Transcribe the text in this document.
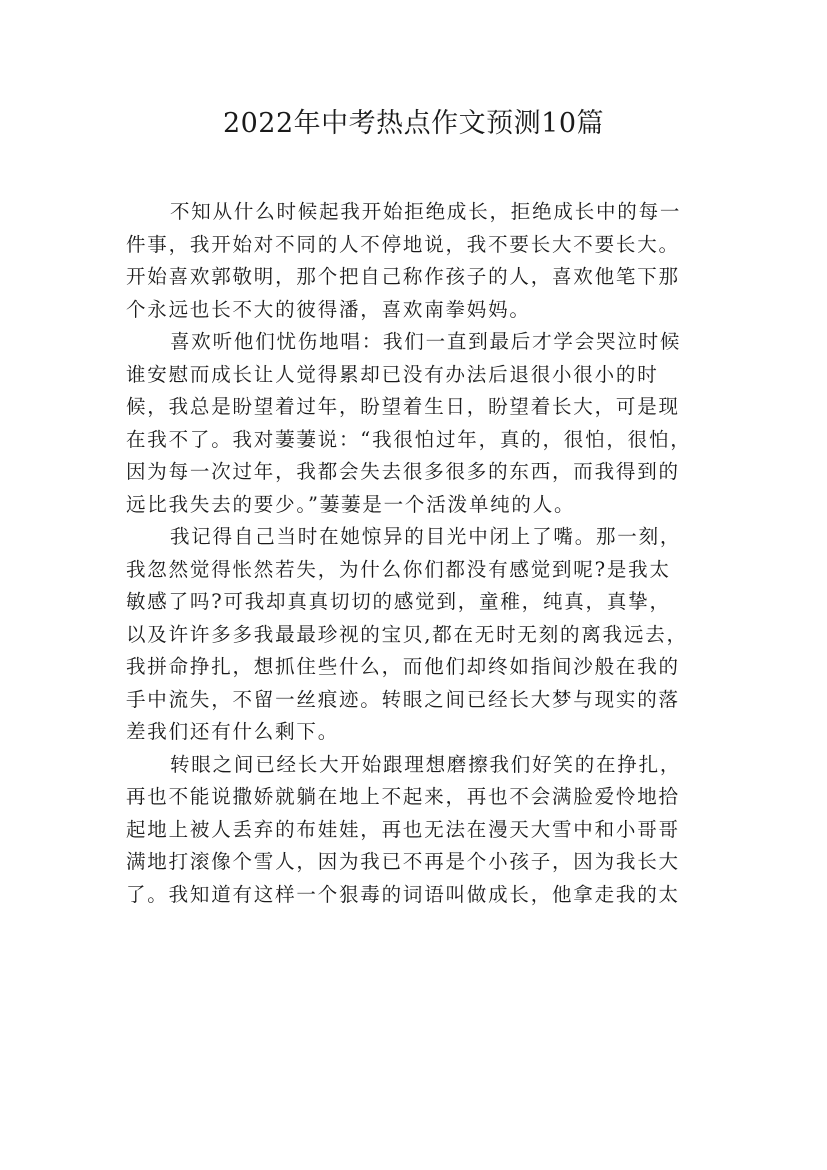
2022年中考热点作文预测10篇
不知从什么时候起我开始拒绝成长，拒绝成长中的每一
件事，我开始对不同的人不停地说，我不要长大不要长大。
开始喜欢郭敬明，那个把自己称作孩子的人，喜欢他笔下那
个永远也长不大的彼得潘，喜欢南拳妈妈。
喜欢听他们忧伤地唱：我们一直到最后才学会哭泣时候
谁安慰而成长让人觉得累却已没有办法后退很小很小的时
候，我总是盼望着过年，盼望着生日，盼望着长大，可是现
在我不了。我对萋萋说：“我很怕过年，真的，很怕，很怕，
因为每一次过年，我都会失去很多很多的东西，而我得到的
远比我失去的要少。”萋萋是一个活泼单纯的人。
我记得自己当时在她惊异的目光中闭上了嘴。那一刻，
我忽然觉得怅然若失，为什么你们都没有感觉到呢?是我太
敏感了吗?可我却真真切切的感觉到，童稚，纯真，真挚，
以及许许多多我最最珍视的宝贝,都在无时无刻的离我远去，
我拼命挣扎，想抓住些什么，而他们却终如指间沙般在我的
手中流失，不留一丝痕迹。转眼之间已经长大梦与现实的落
差我们还有什么剩下。
转眼之间已经长大开始跟理想磨擦我们好笑的在挣扎，
再也不能说撒娇就躺在地上不起来，再也不会满脸爱怜地拾
起地上被人丢弃的布娃娃，再也无法在漫天大雪中和小哥哥
满地打滚像个雪人，因为我已不再是个小孩子，因为我长大
了。我知道有这样一个狠毒的词语叫做成长，他拿走我的太
